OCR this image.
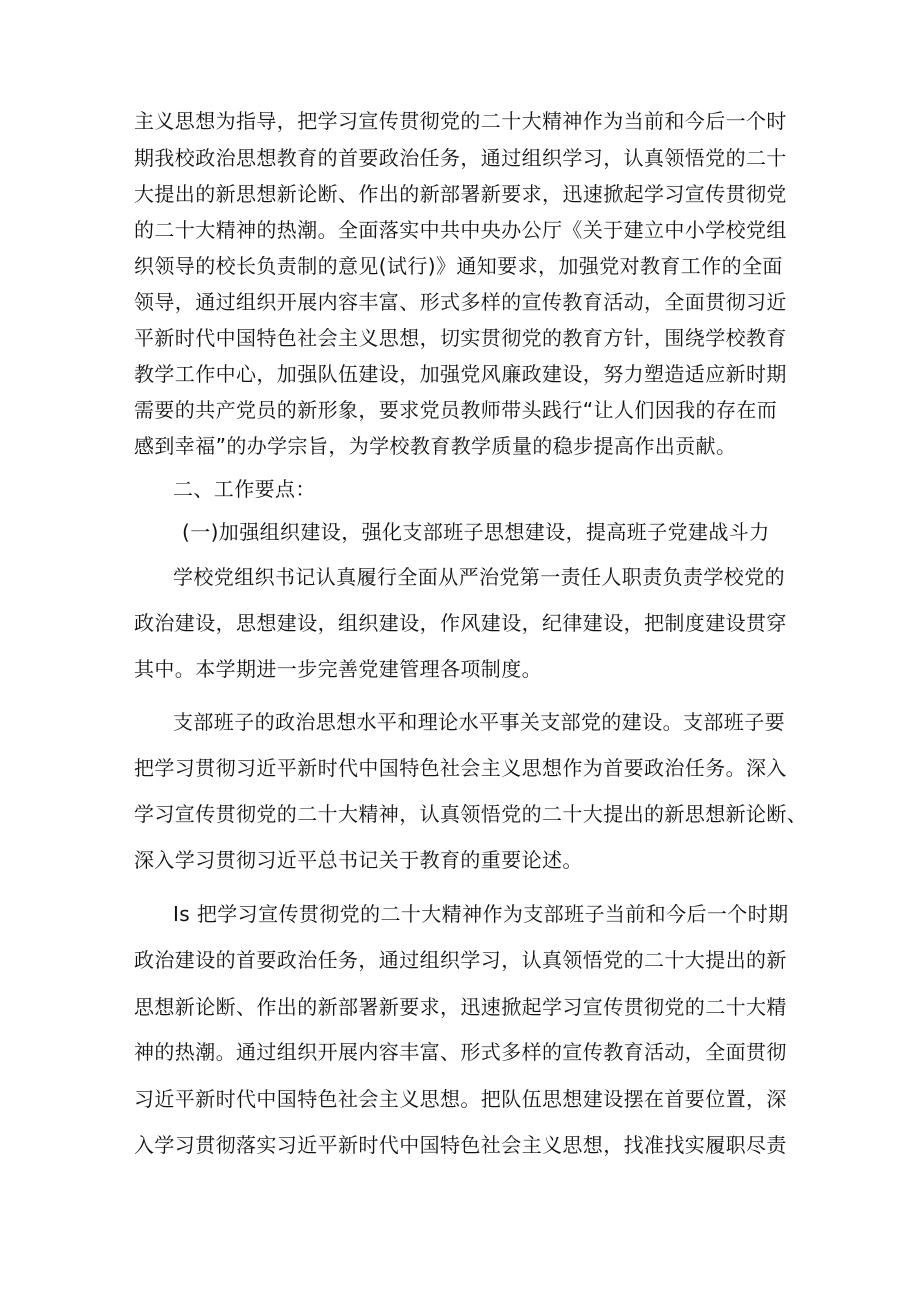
主义思想为指导，把学习宣传贯彻党的二十大精神作为当前和今后一个时
期我校政治思想教育的首要政治任务，通过组织学习，认真领悟党的二十
大提出的新思想新论断、作出的新部署新要求，迅速掀起学习宣传贯彻党
的二十大精神的热潮。全面落实中共中央办公厅《关于建立中小学校党组
织领导的校长负责制的意见(试行)》通知要求，加强党对教育工作的全面
领导，通过组织开展内容丰富、形式多样的宣传教育活动，全面贯彻习近
平新时代中国特色社会主义思想，切实贯彻党的教育方针，围绕学校教育
教学工作中心，加强队伍建设，加强党风廉政建设，努力塑造适应新时期
需要的共产党员的新形象，要求党员教师带头践行“让人们因我的存在而
感到幸福”的办学宗旨，为学校教育教学质量的稳步提高作出贡献。
二、工作要点：
(一)加强组织建设，强化支部班子思想建设，提高班子党建战斗力
学校党组织书记认真履行全面从严治党第一责任人职责负责学校党的
政治建设，思想建设，组织建设，作风建设，纪律建设，把制度建设贯穿
其中。本学期进一步完善党建管理各项制度。
支部班子的政治思想水平和理论水平事关支部党的建设。支部班子要
把学习贯彻习近平新时代中国特色社会主义思想作为首要政治任务。深入
学习宣传贯彻党的二十大精神，认真领悟党的二十大提出的新思想新论断、
深入学习贯彻习近平总书记关于教育的重要论述。
Is 把学习宣传贯彻党的二十大精神作为支部班子当前和今后一个时期
政治建设的首要政治任务，通过组织学习，认真领悟党的二十大提出的新
思想新论断、作出的新部署新要求，迅速掀起学习宣传贯彻党的二十大精
神的热潮。通过组织开展内容丰富、形式多样的宣传教育活动，全面贯彻
习近平新时代中国特色社会主义思想。把队伍思想建设摆在首要位置，深
入学习贯彻落实习近平新时代中国特色社会主义思想，找准找实履职尽责
